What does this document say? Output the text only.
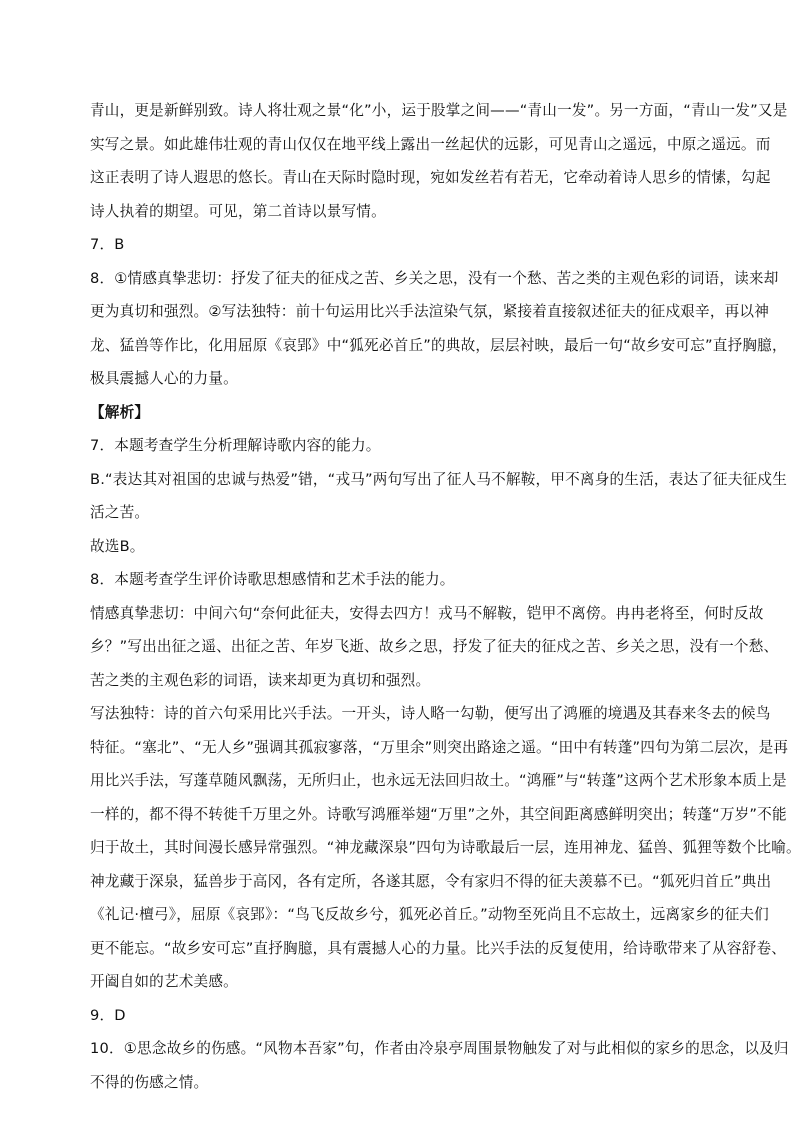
青山，更是新鲜别致。诗人将壮观之景“化”小，运于股掌之间——“青山一发”。另一方面，“青山一发”又是
实写之景。如此雄伟壮观的青山仅仅在地平线上露出一丝起伏的远影，可见青山之遥远，中原之遥远。而
这正表明了诗人遐思的悠长。青山在天际时隐时现，宛如发丝若有若无，它牵动着诗人思乡的情愫，勾起
诗人执着的期望。可见，第二首诗以景写情。
7．B
8．①情感真挚悲切：抒发了征夫的征戍之苦、乡关之思，没有一个愁、苦之类的主观色彩的词语，读来却
更为真切和强烈。②写法独特：前十句运用比兴手法渲染气氛，紧接着直接叙述征夫的征戍艰辛，再以神
龙、猛兽等作比，化用屈原《哀郢》中“狐死必首丘”的典故，层层衬映，最后一句“故乡安可忘”直抒胸臆，
极具震撼人心的力量。
【解析】
7．本题考查学生分析理解诗歌内容的能力。
B.“表达其对祖国的忠诚与热爱”错，“戎马”两句写出了征人马不解鞍，甲不离身的生活，表达了征夫征戍生
活之苦。
故选B。
8．本题考查学生评价诗歌思想感情和艺术手法的能力。
情感真挚悲切：中间六句“奈何此征夫，安得去四方！戎马不解鞍，铠甲不离傍。冉冉老将至，何时反故
乡？”写出出征之遥、出征之苦、年岁飞逝、故乡之思，抒发了征夫的征戍之苦、乡关之思，没有一个愁、
苦之类的主观色彩的词语，读来却更为真切和强烈。
写法独特：诗的首六句采用比兴手法。一开头，诗人略一勾勒，便写出了鸿雁的境遇及其春来冬去的候鸟
特征。“塞北”、“无人乡”强调其孤寂寥落，“万里余”则突出路途之遥。“田中有转蓬”四句为第二层次，是再
用比兴手法，写蓬草随风飘荡，无所归止，也永远无法回归故土。“鸿雁”与“转蓬”这两个艺术形象本质上是
一样的，都不得不转徙千万里之外。诗歌写鸿雁举翅“万里”之外，其空间距离感鲜明突出；转蓬“万岁”不能
归于故土，其时间漫长感异常强烈。“神龙藏深泉”四句为诗歌最后一层，连用神龙、猛兽、狐狸等数个比喻。
神龙藏于深泉，猛兽步于高冈，各有定所，各遂其愿，令有家归不得的征夫羡慕不已。“狐死归首丘”典出
《礼记·檀弓》，屈原《哀郢》：“鸟飞反故乡兮，狐死必首丘。”动物至死尚且不忘故土，远离家乡的征夫们
更不能忘。“故乡安可忘”直抒胸臆，具有震撼人心的力量。比兴手法的反复使用，给诗歌带来了从容舒卷、
开阖自如的艺术美感。
9．D
10．①思念故乡的伤感。“风物本吾家”句，作者由冷泉亭周围景物触发了对与此相似的家乡的思念，以及归
不得的伤感之情。
